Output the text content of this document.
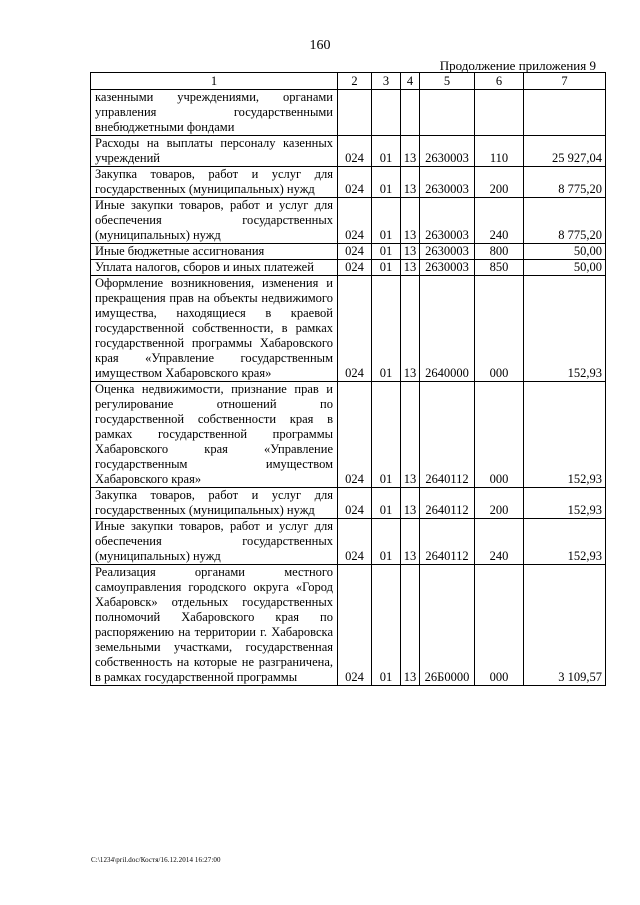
160
Продолжение приложения 9
1	2	3	4	5	6	7
казенными учреждениями, органами управления государственными внебюджетными фондами						
Расходы на выплаты персоналу казенных учреждений	024	01	13	2630003	110	25 927,04
Закупка товаров, работ и услуг для государственных (муниципальных) нужд	024	01	13	2630003	200	8 775,20
Иные закупки товаров, работ и услуг для обеспечения государственных (муниципальных) нужд	024	01	13	2630003	240	8 775,20
Иные бюджетные ассигнования	024	01	13	2630003	800	50,00
Уплата налогов, сборов и иных платежей	024	01	13	2630003	850	50,00
Оформление возникновения, изменения и прекращения прав на объекты недвижимого имущества, находящиеся в краевой государственной собственности, в рамках государственной программы Хабаровского края «Управление государственным имуществом Хабаровского края»	024	01	13	2640000	000	152,93
Оценка недвижимости, признание прав и регулирование отношений по государственной собственности края в рамках государственной программы Хабаровского края «Управление государственным имуществом Хабаровского края»	024	01	13	2640112	000	152,93
Закупка товаров, работ и услуг для государственных (муниципальных) нужд	024	01	13	2640112	200	152,93
Иные закупки товаров, работ и услуг для обеспечения государственных (муниципальных) нужд	024	01	13	2640112	240	152,93
Реализация органами местного самоуправления городского округа «Город Хабаровск» отдельных государственных полномочий Хабаровского края по распоряжению на территории г. Хабаровска земельными участками, государственная собственность на которые не разграничена, в рамках государственной программы	024	01	13	26Б0000	000	3 109,57
C:\1234\pril.doc/Костя/16.12.2014 16:27:00
